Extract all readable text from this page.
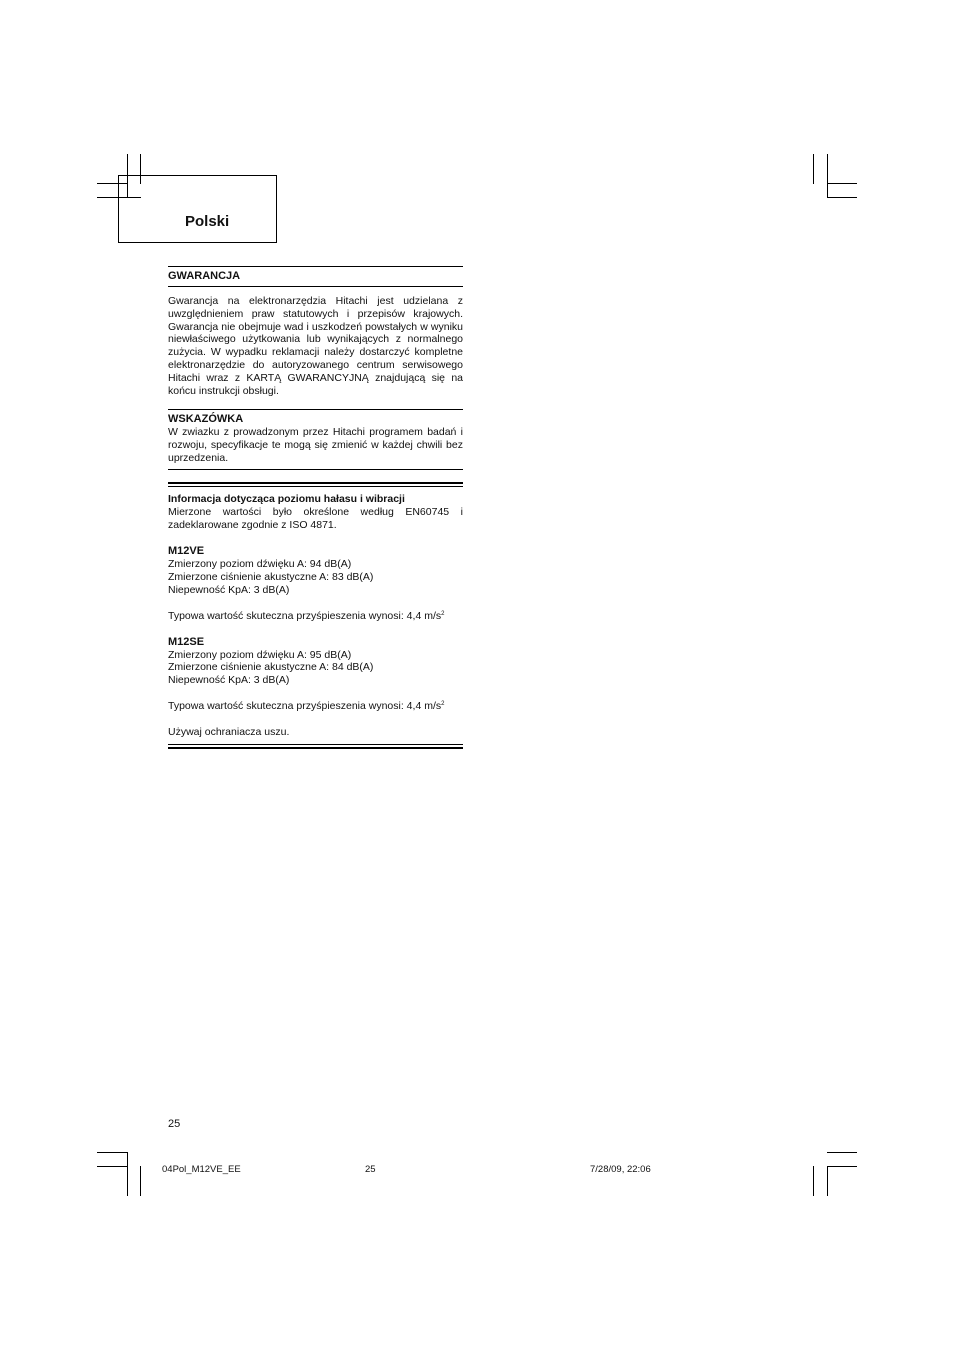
Polski
GWARANCJA

Gwarancja na elektronarzędzia Hitachi jest udzielana z uwzględnieniem praw statutowych i przepisów krajowych. Gwarancja nie obejmuje wad i uszkodzeń powstałych w wyniku niewłaściwego użytkowania lub wynikających z normalnego zużycia. W wypadku reklamacji należy dostarczyć kompletne elektronarzędzie do autoryzowanego centrum serwisowego Hitachi wraz z KARTĄ GWARANCYJNĄ znajdującą się na końcu instrukcji obsługi.

WSKAZÓWKA

W zwiazku z prowadzonym przez Hitachi programem badań i rozwoju, specyfikacje te mogą się zmienić w każdej chwili bez uprzedzenia.

Informacja dotycząca poziomu hałasu i wibracji

Mierzone wartości było określone według EN60745 i zadeklarowane zgodnie z ISO 4871.

M12VE
Zmierzony poziom dźwięku A: 94 dB(A)
Zmierzone ciśnienie akustyczne A: 83 dB(A)
Niepewność KpA: 3 dB(A)
Typowa wartość skuteczna przyśpieszenia wynosi: 4,4 $m/s^2$
M12SE
Zmierzony poziom dźwięku A: 95 dB(A)
Zmierzone ciśnienie akustyczne A: 84 dB(A)
Niepewność KpA: 3 dB(A)
Typowa wartość skuteczna przyśpieszenia wynosi: 4,4 $m/s^2$
Używaj ochraniacza uszu.
25
04Pol_M12VE_EE	25	7/28/09, 22:06
